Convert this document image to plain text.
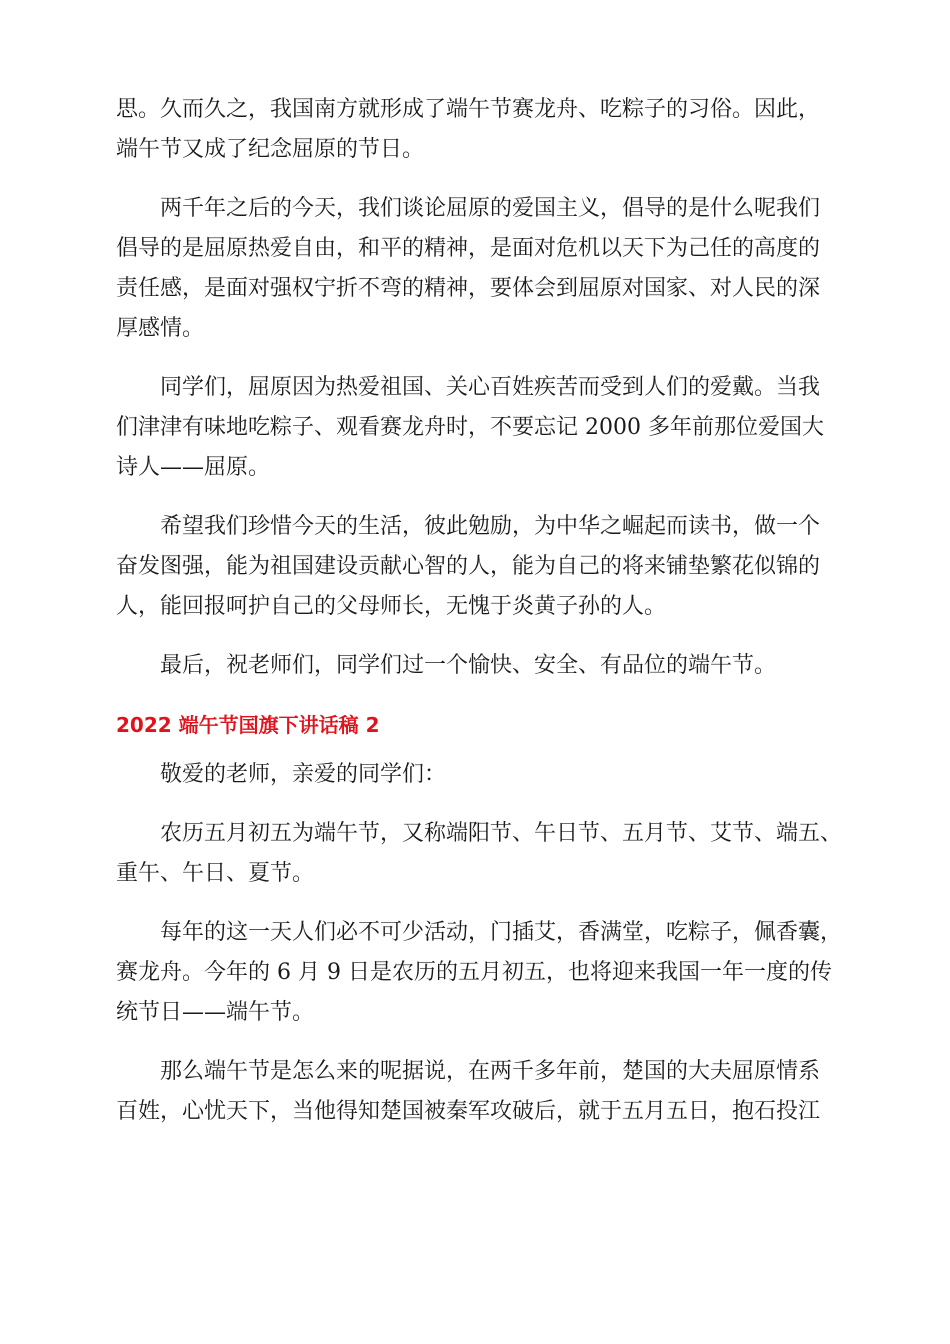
思。久而久之，我国南方就形成了端午节赛龙舟、吃粽子的习俗。因此，
端午节又成了纪念屈原的节日。
两千年之后的今天，我们谈论屈原的爱国主义，倡导的是什么呢我们
倡导的是屈原热爱自由，和平的精神，是面对危机以天下为己任的高度的
责任感，是面对强权宁折不弯的精神，要体会到屈原对国家、对人民的深
厚感情。
同学们，屈原因为热爱祖国、关心百姓疾苦而受到人们的爱戴。当我
们津津有味地吃粽子、观看赛龙舟时，不要忘记 2000 多年前那位爱国大
诗人——屈原。
希望我们珍惜今天的生活，彼此勉励，为中华之崛起而读书，做一个
奋发图强，能为祖国建设贡献心智的人，能为自己的将来铺垫繁花似锦的
人，能回报呵护自己的父母师长，无愧于炎黄子孙的人。
最后，祝老师们，同学们过一个愉快、安全、有品位的端午节。
2022 端午节国旗下讲话稿 2
敬爱的老师，亲爱的同学们：
农历五月初五为端午节，又称端阳节、午日节、五月节、艾节、端五、
重午、午日、夏节。
每年的这一天人们必不可少活动，门插艾，香满堂，吃粽子，佩香囊，
赛龙舟。今年的 6 月 9 日是农历的五月初五，也将迎来我国一年一度的传
统节日——端午节。
那么端午节是怎么来的呢据说，在两千多年前，楚国的大夫屈原情系
百姓，心忧天下，当他得知楚国被秦军攻破后，就于五月五日，抱石投江
